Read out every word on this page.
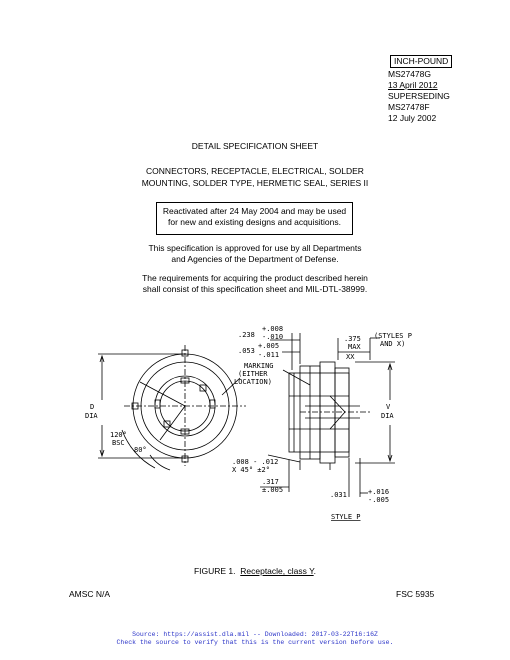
INCH-POUND
MS27478G
13 April 2012
SUPERSEDING
MS27478F
12 July 2002
DETAIL SPECIFICATION SHEET
CONNECTORS, RECEPTACLE, ELECTRICAL, SOLDER
MOUNTING, SOLDER TYPE, HERMETIC SEAL, SERIES II
Reactivated after 24 May 2004 and may be used
for new and existing designs and acquisitions.
This specification is approved for use by all Departments
and Agencies of the Department of Defense.
The requirements for acquiring the product described herein
shall consist of this specification sheet and MIL-DTL-38999.
D
DIA
120°
BSC
80°
.238
+.008
-.010
.053
+.005
-.011
MARKING
(EITHER
LOCATION)
.375
MAX
XX
(STYLES P
AND X)
V
DIA
.008 - .012
X 45° ±2°
.317
±.005
.031	+.016
-.005
STYLE P
FIGURE 1. Receptacle, class Y.
AMSC N/A	FSC 5935
Source: https://assist.dla.mil -- Downloaded: 2017-03-22T16:16Z
Check the source to verify that this is the current version before use.
